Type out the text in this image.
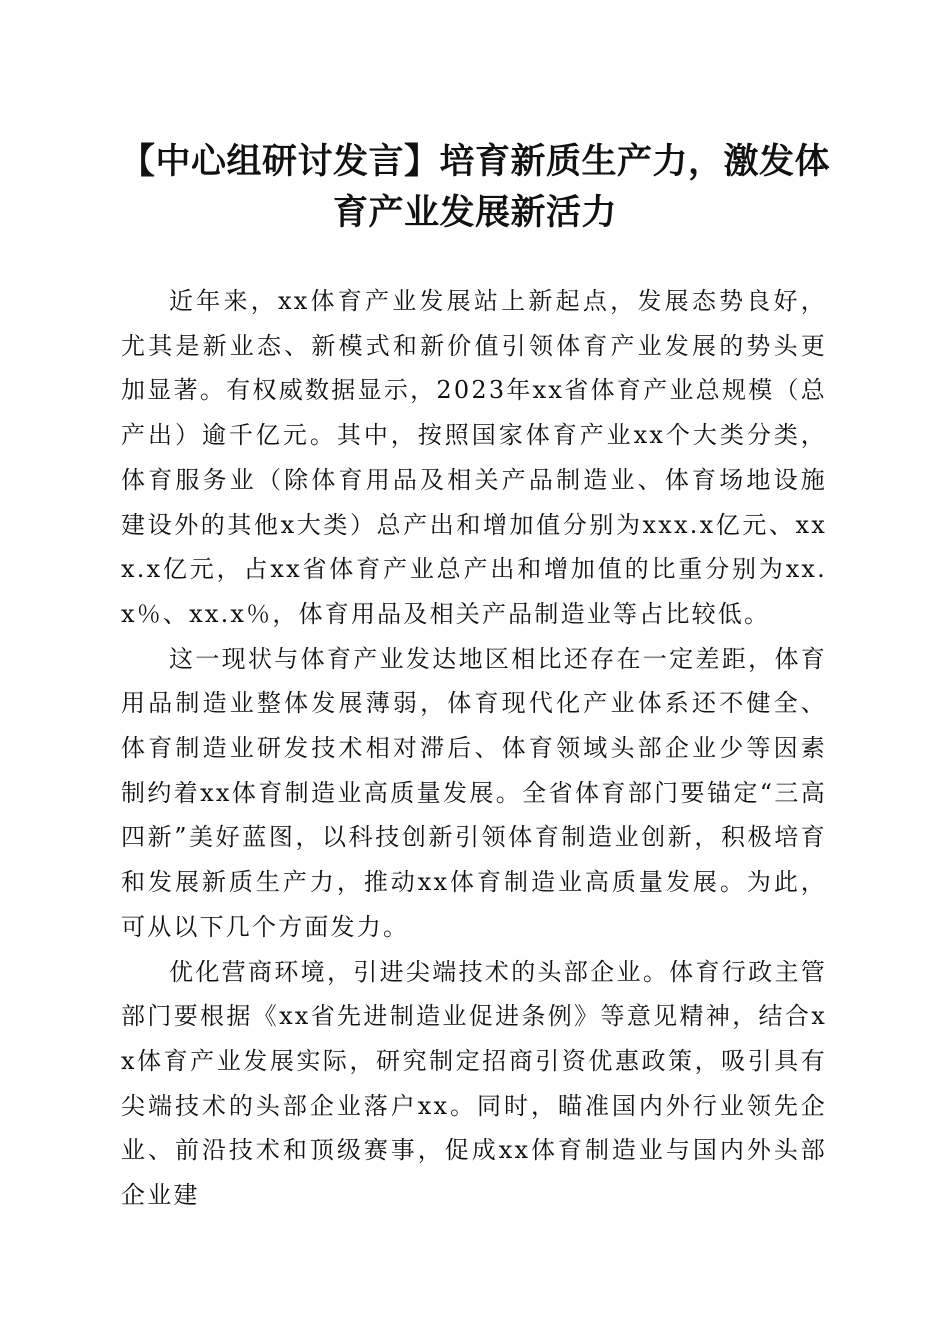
【中心组研讨发言】培育新质生产力，激发体育产业发展新活力

近年来，xx体育产业发展站上新起点，发展态势良好，尤其是新业态、新模式和新价值引领体育产业发展的势头更加显著。有权威数据显示，2023年xx省体育产业总规模（总产出）逾千亿元。其中，按照国家体育产业xx个大类分类，体育服务业（除体育用品及相关产品制造业、体育场地设施建设外的其他x大类）总产出和增加值分别为xxx.x亿元、xxx.x亿元，占xx省体育产业总产出和增加值的比重分别为xx.x％、xx.x％，体育用品及相关产品制造业等占比较低。

这一现状与体育产业发达地区相比还存在一定差距，体育用品制造业整体发展薄弱，体育现代化产业体系还不健全、体育制造业研发技术相对滞后、体育领域头部企业少等因素制约着xx体育制造业高质量发展。全省体育部门要锚定“三高四新”美好蓝图，以科技创新引领体育制造业创新，积极培育和发展新质生产力，推动xx体育制造业高质量发展。为此，可从以下几个方面发力。

优化营商环境，引进尖端技术的头部企业。体育行政主管部门要根据《xx省先进制造业促进条例》等意见精神，结合xx体育产业发展实际，研究制定招商引资优惠政策，吸引具有尖端技术的头部企业落户xx。同时，瞄准国内外行业领先企业、前沿技术和顶级赛事，促成xx体育制造业与国内外头部企业建
